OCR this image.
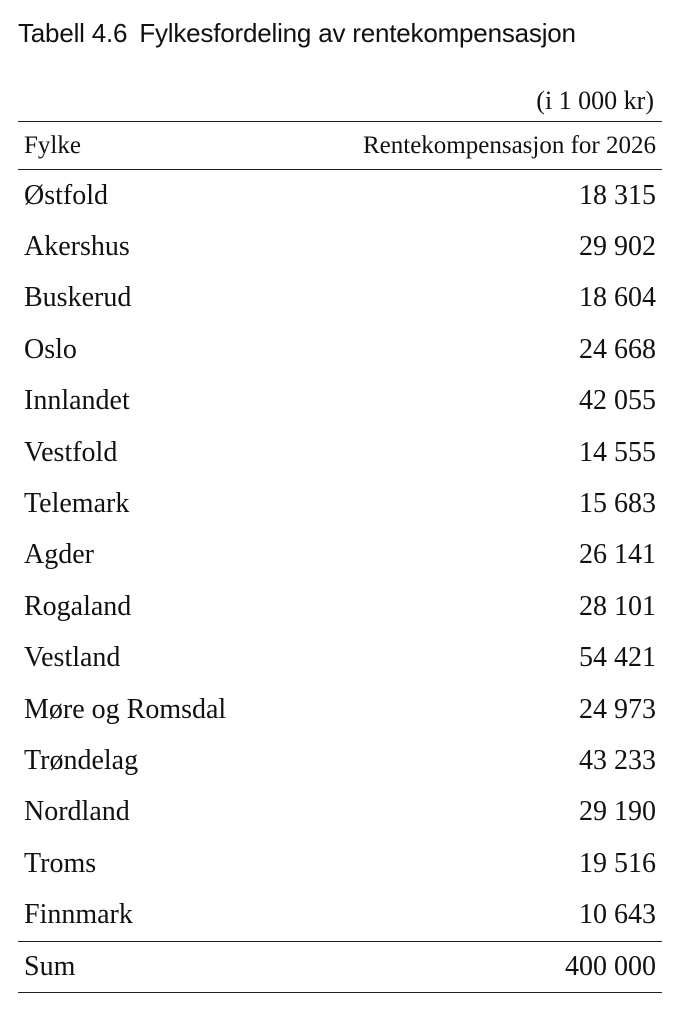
Tabell 4.6 Fylkesfordeling av rentekompensasjon
(i 1 000 kr)
Fylke	Rentekompensasjon for 2026
Østfold	18 315
Akershus	29 902
Buskerud	18 604
Oslo	24 668
Innlandet	42 055
Vestfold	14 555
Telemark	15 683
Agder	26 141
Rogaland	28 101
Vestland	54 421
Møre og Romsdal	24 973
Trøndelag	43 233
Nordland	29 190
Troms	19 516
Finnmark	10 643
Sum	400 000
